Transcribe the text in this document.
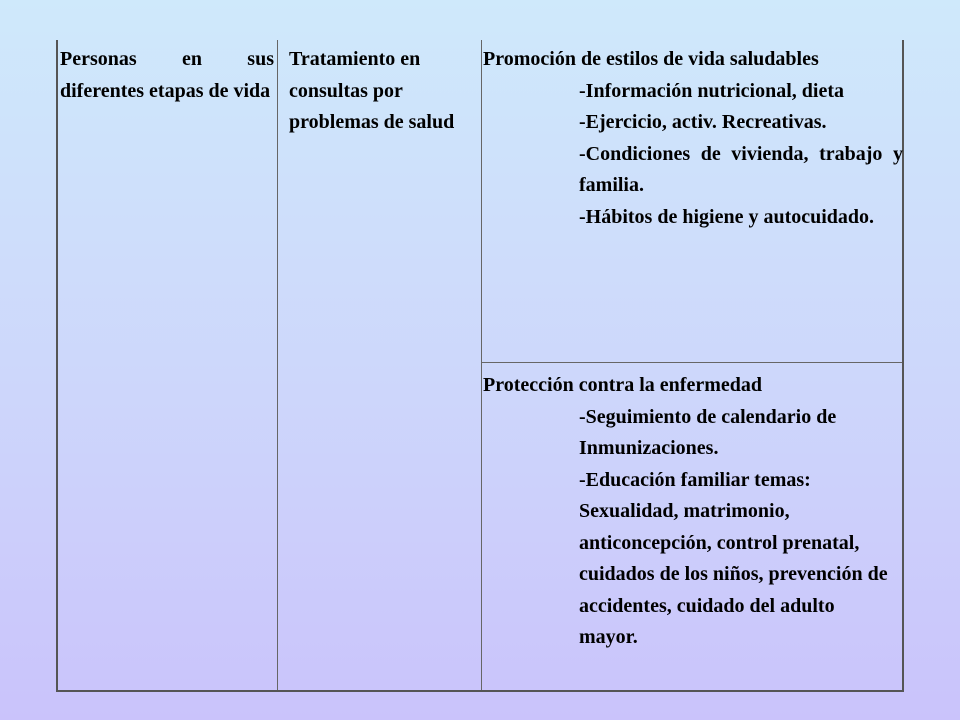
Personas en sus diferentes etapas de vida
Tratamiento en consultas por problemas de salud
Promoción de estilos de vida saludables
-Información nutricional, dieta
-Ejercicio, activ. Recreativas.
-Condiciones de vivienda, trabajo y familia.
-Hábitos de higiene y autocuidado.
Protección contra la enfermedad
-Seguimiento de calendario de Inmunizaciones.
-Educación familiar temas: Sexualidad, matrimonio, anticoncepción, control prenatal, cuidados de los niños, prevención de accidentes, cuidado del adulto mayor.
